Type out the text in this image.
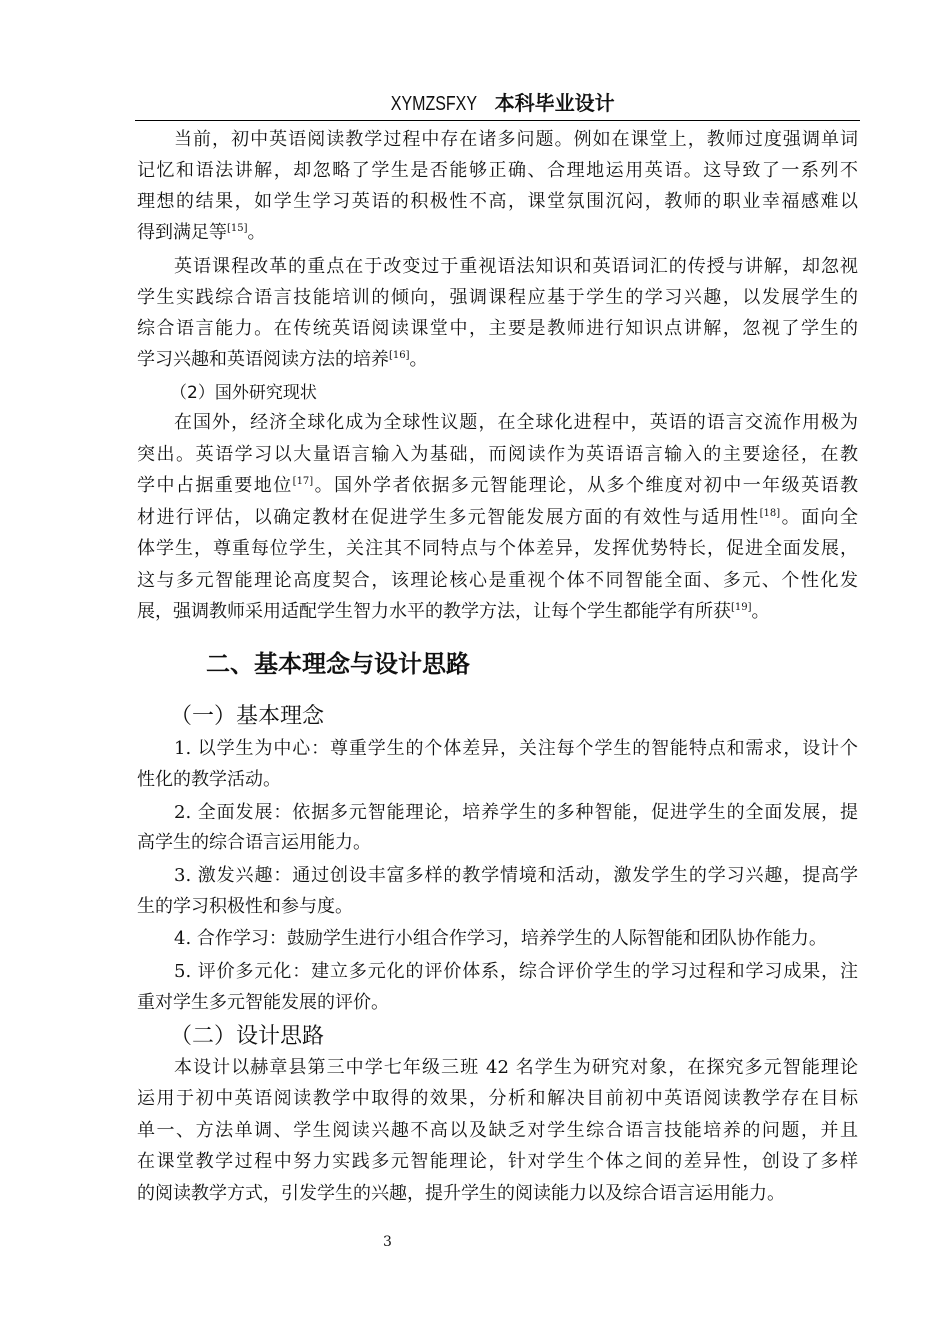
XYMZSFXY 本科毕业设计
当前，初中英语阅读教学过程中存在诸多问题。例如在课堂上，教师过度强调单词
记忆和语法讲解，却忽略了学生是否能够正确、合理地运用英语。这导致了一系列不
理想的结果，如学生学习英语的积极性不高，课堂氛围沉闷，教师的职业幸福感难以
得到满足等[15]。
英语课程改革的重点在于改变过于重视语法知识和英语词汇的传授与讲解，却忽视
学生实践综合语言技能培训的倾向，强调课程应基于学生的学习兴趣，以发展学生的
综合语言能力。在传统英语阅读课堂中，主要是教师进行知识点讲解，忽视了学生的
学习兴趣和英语阅读方法的培养[16]。
（2）国外研究现状
在国外，经济全球化成为全球性议题，在全球化进程中，英语的语言交流作用极为
突出。英语学习以大量语言输入为基础，而阅读作为英语语言输入的主要途径，在教
学中占据重要地位[17]。国外学者依据多元智能理论，从多个维度对初中一年级英语教
材进行评估，以确定教材在促进学生多元智能发展方面的有效性与适用性[18]。面向全
体学生，尊重每位学生，关注其不同特点与个体差异，发挥优势特长，促进全面发展，
这与多元智能理论高度契合，该理论核心是重视个体不同智能全面、多元、个性化发
展，强调教师采用适配学生智力水平的教学方法，让每个学生都能学有所获[19]。
二、基本理念与设计思路
（一）基本理念
1. 以学生为中心：尊重学生的个体差异，关注每个学生的智能特点和需求，设计个
性化的教学活动。
2. 全面发展：依据多元智能理论，培养学生的多种智能，促进学生的全面发展，提
高学生的综合语言运用能力。
3. 激发兴趣：通过创设丰富多样的教学情境和活动，激发学生的学习兴趣，提高学
生的学习积极性和参与度。
4. 合作学习：鼓励学生进行小组合作学习，培养学生的人际智能和团队协作能力。
5. 评价多元化：建立多元化的评价体系，综合评价学生的学习过程和学习成果，注
重对学生多元智能发展的评价。
（二）设计思路
本设计以赫章县第三中学七年级三班 42 名学生为研究对象，在探究多元智能理论
运用于初中英语阅读教学中取得的效果，分析和解决目前初中英语阅读教学存在目标
单一、方法单调、学生阅读兴趣不高以及缺乏对学生综合语言技能培养的问题，并且
在课堂教学过程中努力实践多元智能理论，针对学生个体之间的差异性，创设了多样
的阅读教学方式，引发学生的兴趣，提升学生的阅读能力以及综合语言运用能力。
3
